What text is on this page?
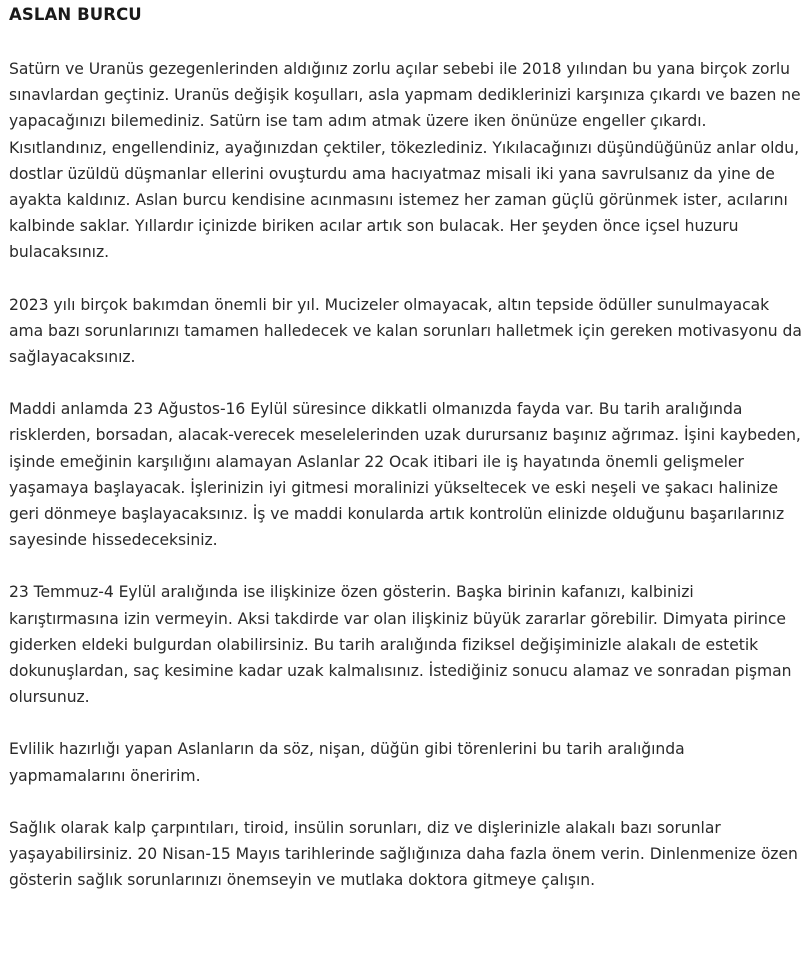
ASLAN BURCU

Satürn ve Uranüs gezegenlerinden aldığınız zorlu açılar sebebi ile 2018 yılından bu yana birçok zorlu sınavlardan geçtiniz. Uranüs değişik koşulları, asla yapmam dediklerinizi karşınıza çıkardı ve bazen ne yapacağınızı bilemediniz. Satürn ise tam adım atmak üzere iken önünüze engeller çıkardı. Kısıtlandınız, engellendiniz, ayağınızdan çektiler, tökezlediniz. Yıkılacağınızı düşündüğünüz anlar oldu, dostlar üzüldü düşmanlar ellerini ovuşturdu ama hacıyatmaz misali iki yana savrulsanız da yine de ayakta kaldınız. Aslan burcu kendisine acınmasını istemez her zaman güçlü görünmek ister, acılarını kalbinde saklar. Yıllardır içinizde biriken acılar artık son bulacak. Her şeyden önce içsel huzuru bulacaksınız.

2023 yılı birçok bakımdan önemli bir yıl. Mucizeler olmayacak, altın tepside ödüller sunulmayacak ama bazı sorunlarınızı tamamen halledecek ve kalan sorunları halletmek için gereken motivasyonu da sağlayacaksınız.

Maddi anlamda 23 Ağustos-16 Eylül süresince dikkatli olmanızda fayda var. Bu tarih aralığında risklerden, borsadan, alacak-verecek meselelerinden uzak durursanız başınız ağrımaz. İşini kaybeden, işinde emeğinin karşılığını alamayan Aslanlar 22 Ocak itibari ile iş hayatında önemli gelişmeler yaşamaya başlayacak. İşlerinizin iyi gitmesi moralinizi yükseltecek ve eski neşeli ve şakacı halinize geri dönmeye başlayacaksınız. İş ve maddi konularda artık kontrolün elinizde olduğunu başarılarınız sayesinde hissedeceksiniz.

23 Temmuz-4 Eylül aralığında ise ilişkinize özen gösterin. Başka birinin kafanızı, kalbinizi karıştırmasına izin vermeyin. Aksi takdirde var olan ilişkiniz büyük zararlar görebilir. Dimyata pirince giderken eldeki bulgurdan olabilirsiniz. Bu tarih aralığında fiziksel değişiminizle alakalı de estetik dokunuşlardan, saç kesimine kadar uzak kalmalısınız. İstediğiniz sonucu alamaz ve sonradan pişman olursunuz.

Evlilik hazırlığı yapan Aslanların da söz, nişan, düğün gibi törenlerini bu tarih aralığında yapmamalarını öneririm.

Sağlık olarak kalp çarpıntıları, tiroid, insülin sorunları, diz ve dişlerinizle alakalı bazı sorunlar yaşayabilirsiniz. 20 Nisan-15 Mayıs tarihlerinde sağlığınıza daha fazla önem verin. Dinlenmenize özen gösterin sağlık sorunlarınızı önemseyin ve mutlaka doktora gitmeye çalışın.
